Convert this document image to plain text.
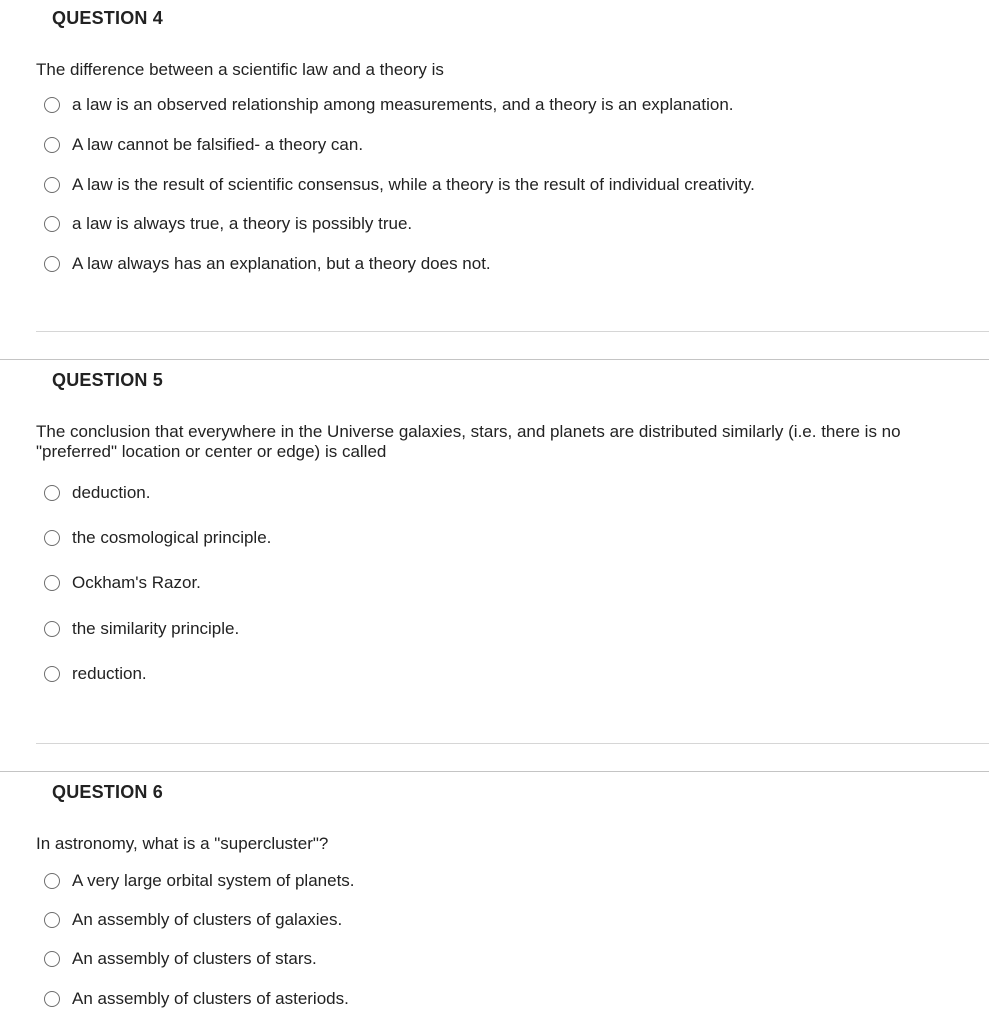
QUESTION 4
The difference between a scientific law and a theory is
a law is an observed relationship among measurements, and a theory is an explanation.
A law cannot be falsified- a theory can.
A law is the result of scientific consensus, while a theory is the result of individual creativity.
a law is always true, a theory is possibly true.
A law always has an explanation, but a theory does not.
QUESTION 5
The conclusion that everywhere in the Universe galaxies, stars, and planets are distributed similarly (i.e. there is no "preferred" location or center or edge) is called
deduction.
the cosmological principle.
Ockham's Razor.
the similarity principle.
reduction.
QUESTION 6
In astronomy, what is a "supercluster"?
A very large orbital system of planets.
An assembly of clusters of galaxies.
An assembly of clusters of stars.
An assembly of clusters of asteriods.
